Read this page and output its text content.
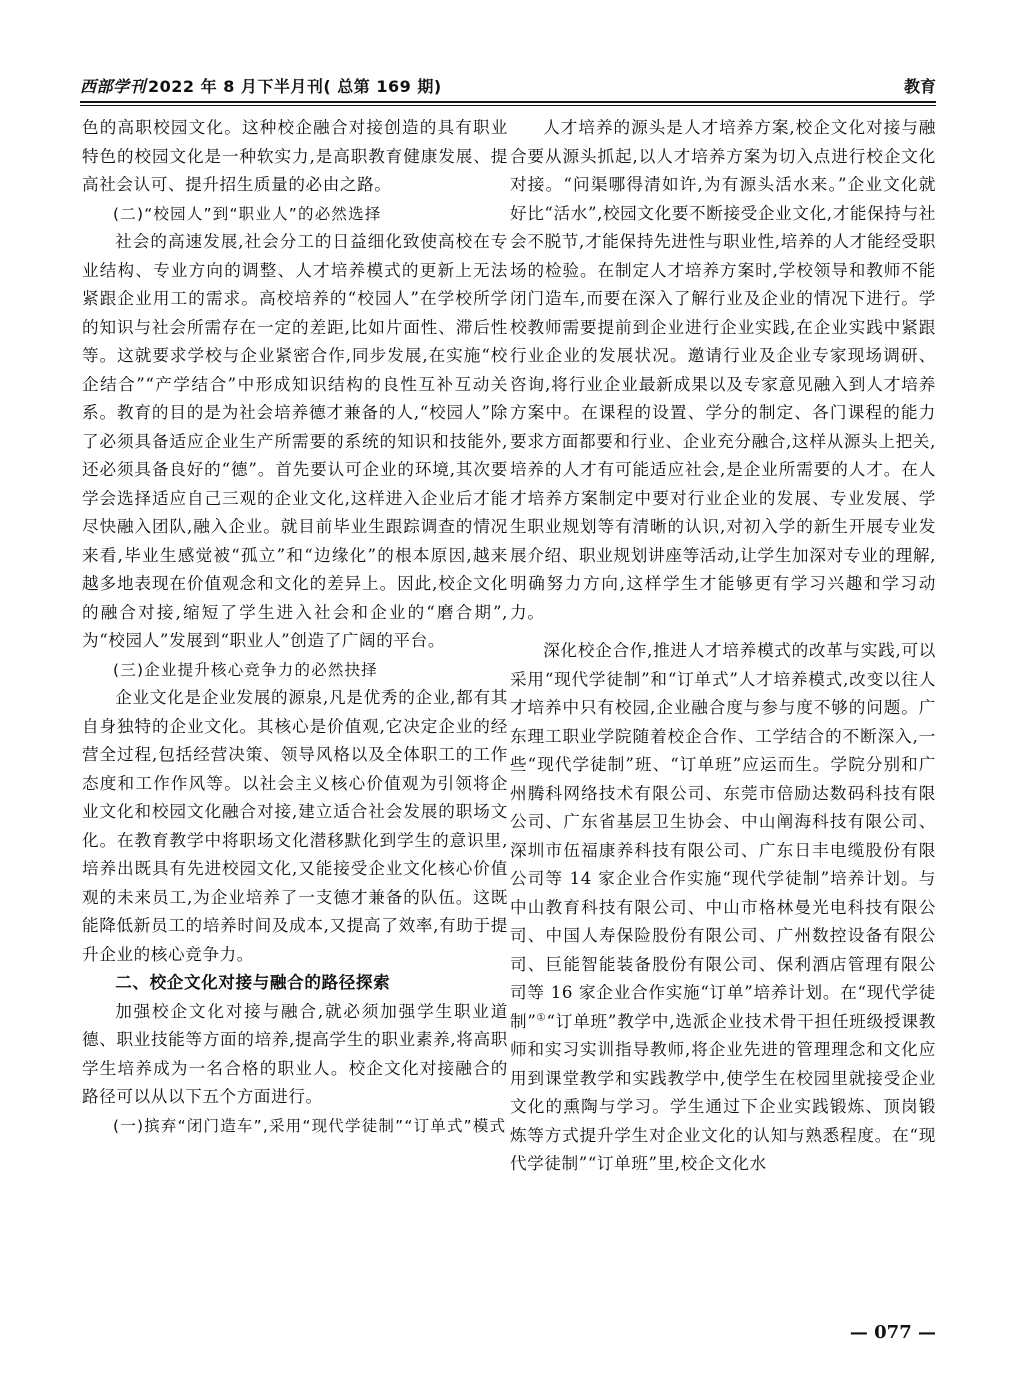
西部学刊 2022 年 8 月下半月刊( 总第 169 期)	教育

色的高职校园文化。这种校企融合对接创造的具有职业特色的校园文化是一种软实力,是高职教育健康发展、提高社会认可、提升招生质量的必由之路。

(二)“校园人”到“职业人”的必然选择

社会的高速发展,社会分工的日益细化致使高校在专业结构、专业方向的调整、人才培养模式的更新上无法紧跟企业用工的需求。高校培养的“校园人”在学校所学的知识与社会所需存在一定的差距,比如片面性、滞后性等。这就要求学校与企业紧密合作,同步发展,在实施“校企结合”“产学结合”中形成知识结构的良性互补互动关系。教育的目的是为社会培养德才兼备的人,“校园人”除了必须具备适应企业生产所需要的系统的知识和技能外,还必须具备良好的“德”。首先要认可企业的环境,其次要学会选择适应自己三观的企业文化,这样进入企业后才能尽快融入团队,融入企业。就目前毕业生跟踪调查的情况来看,毕业生感觉被“孤立”和“边缘化”的根本原因,越来越多地表现在价值观念和文化的差异上。因此,校企文化的融合对接,缩短了学生进入社会和企业的“磨合期”,为“校园人”发展到“职业人”创造了广阔的平台。

(三)企业提升核心竞争力的必然抉择

企业文化是企业发展的源泉,凡是优秀的企业,都有其自身独特的企业文化。其核心是价值观,它决定企业的经营全过程,包括经营决策、领导风格以及全体职工的工作态度和工作作风等。以社会主义核心价值观为引领将企业文化和校园文化融合对接,建立适合社会发展的职场文化。在教育教学中将职场文化潜移默化到学生的意识里,培养出既具有先进校园文化,又能接受企业文化核心价值观的未来员工,为企业培养了一支德才兼备的队伍。这既能降低新员工的培养时间及成本,又提高了效率,有助于提升企业的核心竞争力。

二、校企文化对接与融合的路径探索

加强校企文化对接与融合,就必须加强学生职业道德、职业技能等方面的培养,提高学生的职业素养,将高职学生培养成为一名合格的职业人。校企文化对接融合的路径可以从以下五个方面进行。

(一)摈弃“闭门造车”,采用“现代学徒制”“订单式”模式

人才培养的源头是人才培养方案,校企文化对接与融合要从源头抓起,以人才培养方案为切入点进行校企文化对接。“问渠哪得清如许,为有源头活水来。”企业文化就好比“活水”,校园文化要不断接受企业文化,才能保持与社会不脱节,才能保持先进性与职业性,培养的人才能经受职场的检验。在制定人才培养方案时,学校领导和教师不能闭门造车,而要在深入了解行业及企业的情况下进行。学校教师需要提前到企业进行企业实践,在企业实践中紧跟行业企业的发展状况。邀请行业及企业专家现场调研、咨询,将行业企业最新成果以及专家意见融入到人才培养方案中。在课程的设置、学分的制定、各门课程的能力要求方面都要和行业、企业充分融合,这样从源头上把关,培养的人才有可能适应社会,是企业所需要的人才。在人才培养方案制定中要对行业企业的发展、专业发展、学生职业规划等有清晰的认识,对初入学的新生开展专业发展介绍、职业规划讲座等活动,让学生加深对专业的理解,明确努力方向,这样学生才能够更有学习兴趣和学习动力。

深化校企合作,推进人才培养模式的改革与实践,可以采用“现代学徒制”和“订单式”人才培养模式,改变以往人才培养中只有校园,企业融合度与参与度不够的问题。广东理工职业学院随着校企合作、工学结合的不断深入,一些“现代学徒制”班、“订单班”应运而生。学院分别和广州腾科网络技术有限公司、东莞市倍励达数码科技有限公司、广东省基层卫生协会、中山阐海科技有限公司、深圳市伍福康养科技有限公司、广东日丰电缆股份有限公司等 14 家企业合作实施“现代学徒制”培养计划。与中山教育科技有限公司、中山市格林曼光电科技有限公司、中国人寿保险股份有限公司、广州数控设备有限公司、巨能智能装备股份有限公司、保利酒店管理有限公司等 16 家企业合作实施“订单”培养计划。在“现代学徒制”①“订单班”教学中,选派企业技术骨干担任班级授课教师和实习实训指导教师,将企业先进的管理理念和文化应用到课堂教学和实践教学中,使学生在校园里就接受企业文化的熏陶与学习。学生通过下企业实践锻炼、顶岗锻炼等方式提升学生对企业文化的认知与熟悉程度。在“现代学徒制”“订单班”里,校企文化水

— 077 —
